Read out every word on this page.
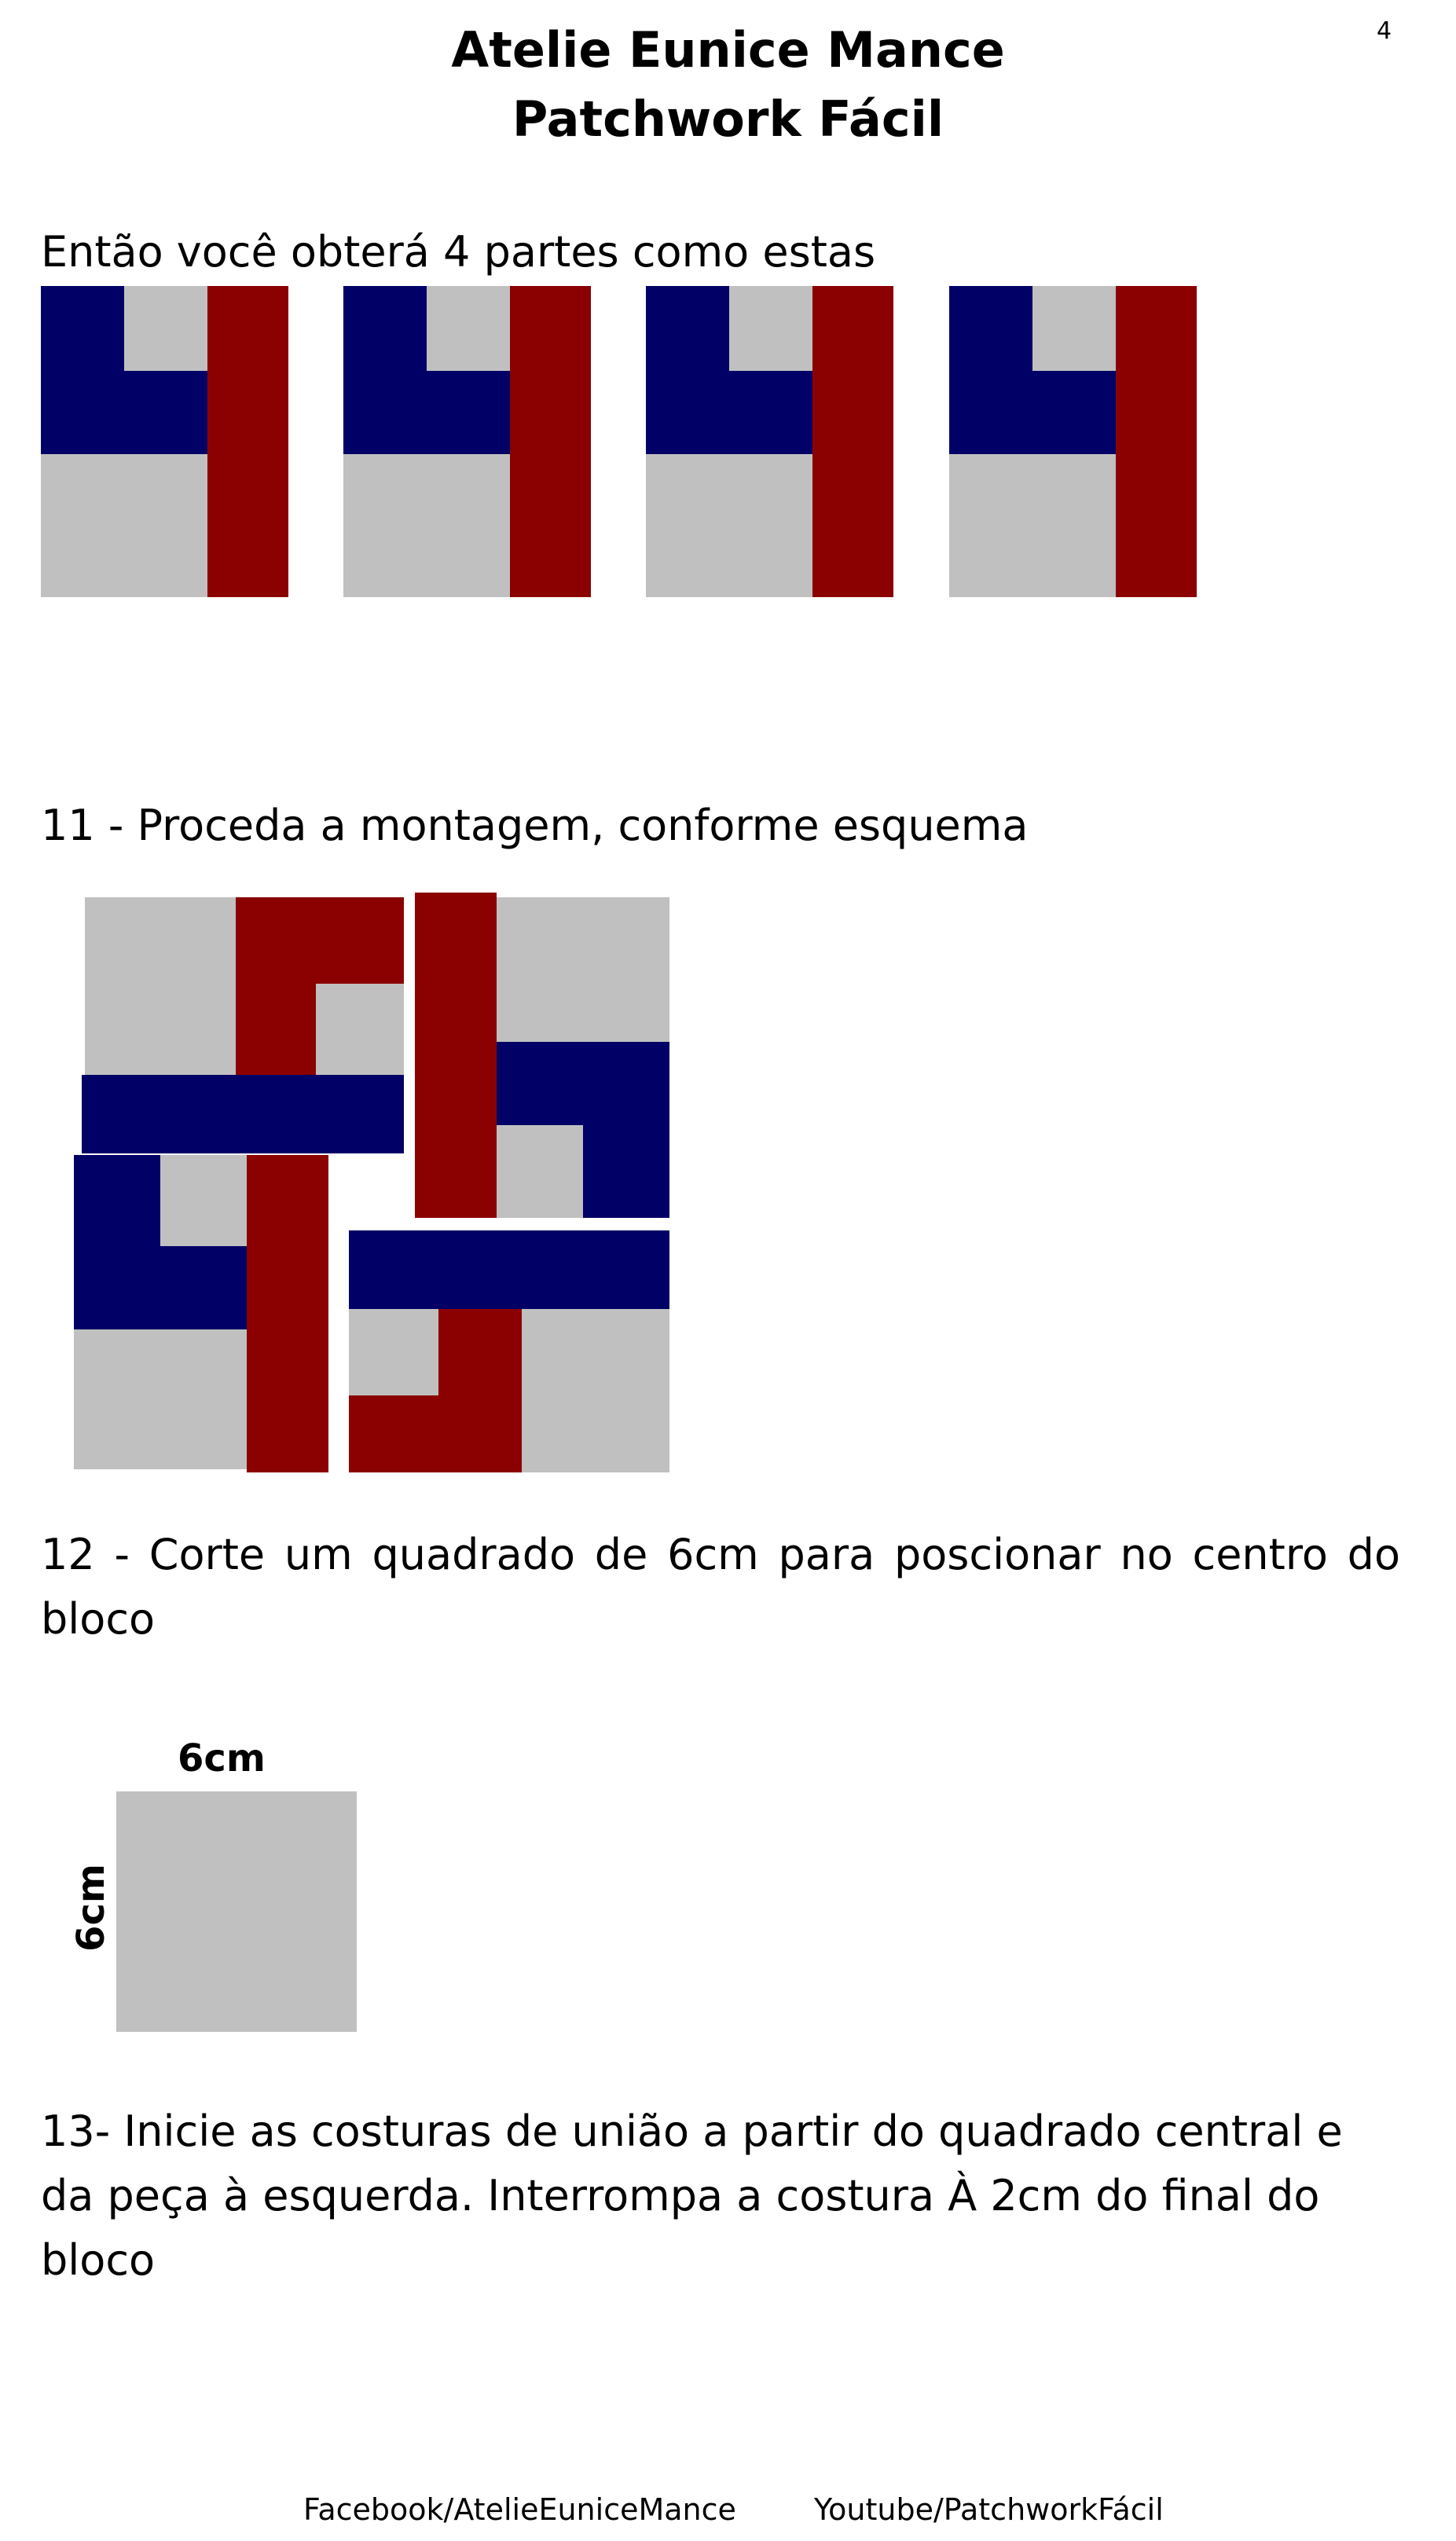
4
Atelie Eunice Mance
Patchwork Fácil
Então você obterá 4 partes como estas
11 - Proceda a montagem, conforme esquema
12 - Corte um quadrado de 6cm para poscionar no centro do bloco
6cm
6cm
13- Inicie as costuras de união a partir do quadrado central e da peça à esquerda. Interrompa a costura À 2cm do final do bloco
Facebook/AtelieEuniceMance	Youtube/PatchworkFácil
